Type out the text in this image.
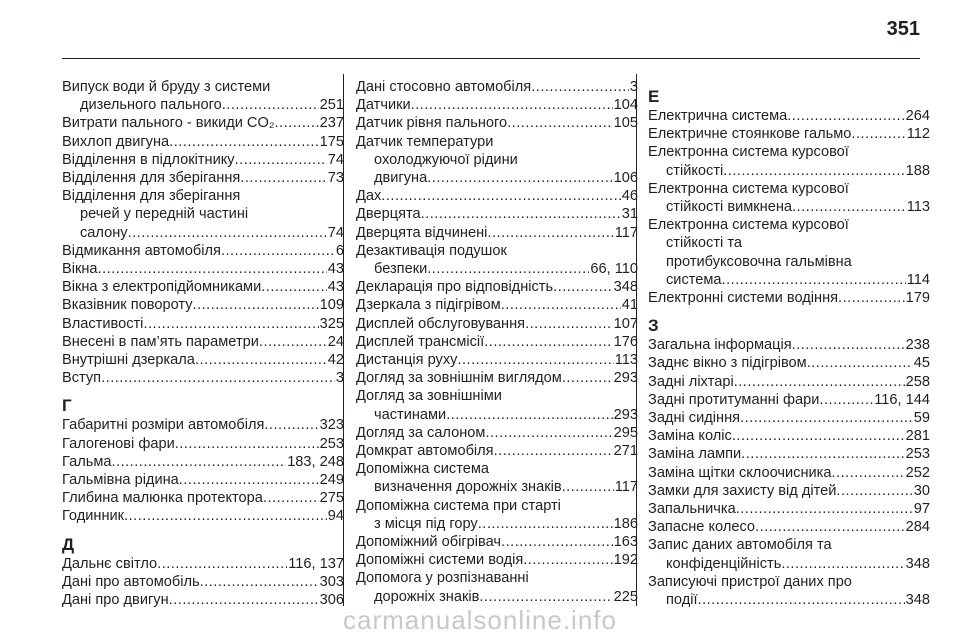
351
Випуск води й бруду з системи
дизельного пального .....	251
Витрати пального - викиди CO₂ .....	237
Вихлоп двигуна .....	175
Відділення в підлокітнику .....	74
Відділення для зберігання .....	73
Відділення для зберігання
речей у передній частині
салону .....	74
Відмикання автомобіля .....	6
Вікна .....	43
Вікна з електропідйомниками .....	43
Вказівник повороту .....	109
Властивості .....	325
Внесені в пам’ять параметри .....	24
Внутрішні дзеркала .....	42
Вступ .....	3
Г
Габаритні розміри автомобіля .....	323
Галогенові фари .....	253
Гальма .....	183, 248
Гальмівна рідина .....	249
Глибина малюнка протектора .....	275
Годинник .....	94
Д
Дальнє світло .....	116, 137
Дані про автомобіль .....	303
Дані про двигун .....	306
Дані стосовно автомобіля .....	3
Датчики .....	104
Датчик рівня пального .....	105
Датчик температури
охолоджуючої рідини
двигуна .....	106
Дах .....	46
Дверцята .....	31
Дверцята відчинені .....	117
Дезактивація подушок
безпеки .....	66, 110
Декларація про відповідність .....	348
Дзеркала з підігрівом .....	41
Дисплей обслуговування .....	107
Дисплей трансмісії .....	176
Дистанція руху .....	113
Догляд за зовнішнім виглядом .....	293
Догляд за зовнішніми
частинами .....	293
Догляд за салоном .....	295
Домкрат автомобіля .....	271
Допоміжна система
визначення дорожніх знаків .....	117
Допоміжна система при старті
з місця під гору .....	186
Допоміжний обігрівач .....	163
Допоміжні системи водія .....	192
Допомога у розпізнаванні
дорожніх знаків .....	225
Е
Електрична система .....	264
Електричне стоянкове гальмо .....	112
Електронна система курсової
стійкості .....	188
Електронна система курсової
стійкості вимкнена .....	113
Електронна система курсової
стійкості та
протибуксовочна гальмівна
система .....	114
Електронні системи водіння .....	179
З
Загальна інформація .....	238
Заднє вікно з підігрівом .....	45
Задні ліхтарі .....	258
Задні протитуманні фари .....	116, 144
Задні сидіння .....	59
Заміна коліс .....	281
Заміна лампи .....	253
Заміна щітки склоочисника .....	252
Замки для захисту від дітей .....	30
Запальничка .....	97
Запасне колесо .....	284
Запис даних автомобіля та
конфіденційність .....	348
Записуючі пристрої даних про
події .....	348
carmanualsonline.info
